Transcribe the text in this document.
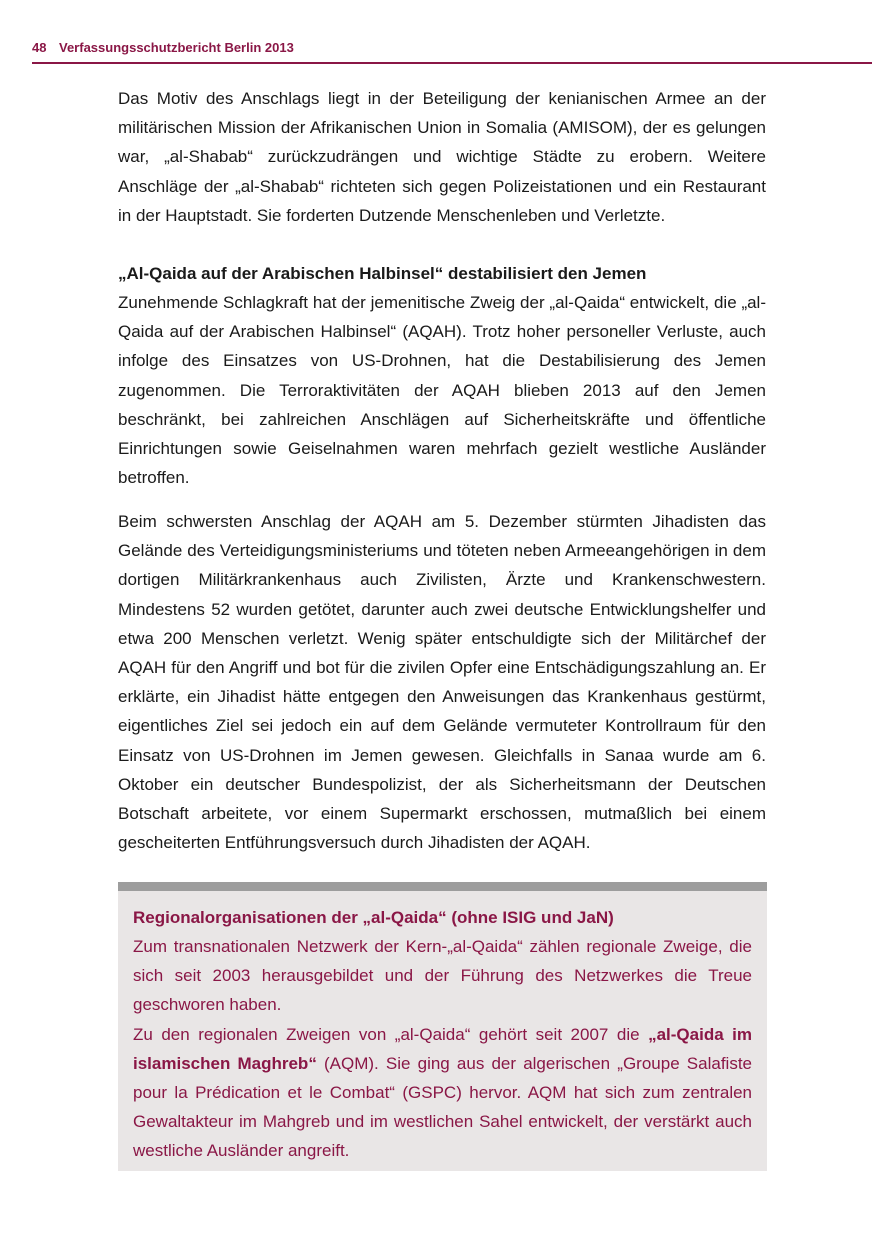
48 Verfassungsschutzbericht Berlin 2013

Das Motiv des Anschlags liegt in der Beteiligung der kenianischen Armee an der militärischen Mission der Afrikanischen Union in Somalia (AMISOM), der es gelungen war, „al-Shabab“ zurückzudrängen und wichtige Städte zu erobern. Weitere Anschläge der „al-Shabab“ richteten sich gegen Polizeistationen und ein Restaurant in der Hauptstadt. Sie forderten Dutzende Menschenleben und Verletzte.

„Al-Qaida auf der Arabischen Halbinsel“ destabilisiert den Jemen

Zunehmende Schlagkraft hat der jemenitische Zweig der „al-Qaida“ entwickelt, die „al-Qaida auf der Arabischen Halbinsel“ (AQAH). Trotz hoher personeller Verluste, auch infolge des Einsatzes von US-Drohnen, hat die Destabilisierung des Jemen zugenommen. Die Terroraktivitäten der AQAH blieben 2013 auf den Jemen beschränkt, bei zahlreichen Anschlägen auf Sicherheitskräfte und öffentliche Einrichtungen sowie Geiselnahmen waren mehrfach gezielt westliche Ausländer betroffen.

Beim schwersten Anschlag der AQAH am 5. Dezember stürmten Jihadisten das Gelände des Verteidigungsministeriums und töteten neben Armeeangehörigen in dem dortigen Militärkrankenhaus auch Zivilisten, Ärzte und Krankenschwestern. Mindestens 52 wurden getötet, darunter auch zwei deutsche Entwicklungshelfer und etwa 200 Menschen verletzt. Wenig später entschuldigte sich der Militärchef der AQAH für den Angriff und bot für die zivilen Opfer eine Entschädigungszahlung an. Er erklärte, ein Jihadist hätte entgegen den Anweisungen das Krankenhaus gestürmt, eigentliches Ziel sei jedoch ein auf dem Gelände vermuteter Kontrollraum für den Einsatz von US-Drohnen im Jemen gewesen. Gleichfalls in Sanaa wurde am 6. Oktober ein deutscher Bundespolizist, der als Sicherheitsmann der Deutschen Botschaft arbeitete, vor einem Supermarkt erschossen, mutmaßlich bei einem gescheiterten Entführungsversuch durch Jihadisten der AQAH.

Regionalorganisationen der „al-Qaida“ (ohne ISIG und JaN)

Zum transnationalen Netzwerk der Kern-„al-Qaida“ zählen regionale Zweige, die sich seit 2003 herausgebildet und der Führung des Netzwerkes die Treue geschworen haben.

Zu den regionalen Zweigen von „al-Qaida“ gehört seit 2007 die „al-Qaida im islamischen Maghreb“ (AQM). Sie ging aus der algerischen „Groupe Salafiste pour la Prédication et le Combat“ (GSPC) hervor. AQM hat sich zum zentralen Gewaltakteur im Mahgreb und im westlichen Sahel entwickelt, der verstärkt auch westliche Ausländer angreift.
